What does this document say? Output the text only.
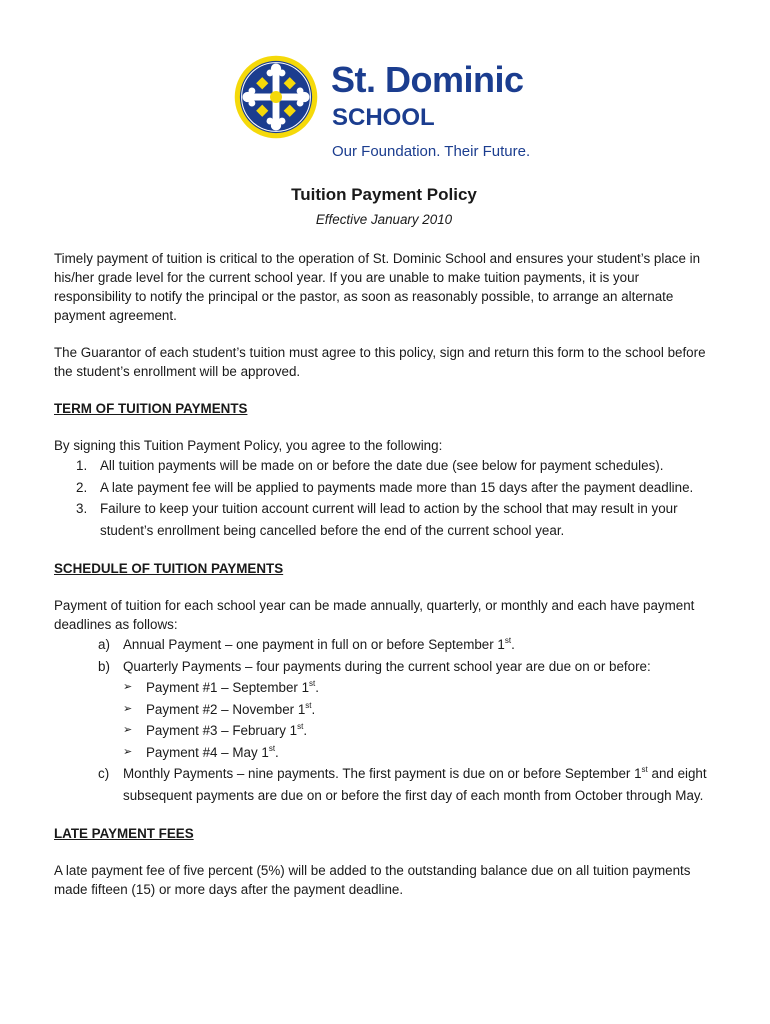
St. Dominic
SCHOOL
Our Foundation. Their Future.
Tuition Payment Policy

Effective January 2010

Timely payment of tuition is critical to the operation of St. Dominic School and ensures your student’s place in his/her grade level for the current school year. If you are unable to make tuition payments, it is your responsibility to notify the principal or the pastor, as soon as reasonably possible, to arrange an alternate payment agreement.

The Guarantor of each student’s tuition must agree to this policy, sign and return this form to the school before the student’s enrollment will be approved.

TERM OF TUITION PAYMENTS

By signing this Tuition Payment Policy, you agree to the following:

1. All tuition payments will be made on or before the date due (see below for payment schedules).
2. A late payment fee will be applied to payments made more than 15 days after the payment deadline.
3. Failure to keep your tuition account current will lead to action by the school that may result in your student’s enrollment being cancelled before the end of the current school year.

SCHEDULE OF TUITION PAYMENTS

Payment of tuition for each school year can be made annually, quarterly, or monthly and each have payment deadlines as follows:

a) Annual Payment – one payment in full on or before September 1st.
b) Quarterly Payments – four payments during the current school year are due on or before:
➢ Payment #1 – September 1st.
➢ Payment #2 – November 1st.
➢ Payment #3 – February 1st.
➢ Payment #4 – May 1st.
c) Monthly Payments – nine payments. The first payment is due on or before September 1st and eight subsequent payments are due on or before the first day of each month from October through May.

LATE PAYMENT FEES

A late payment fee of five percent (5%) will be added to the outstanding balance due on all tuition payments made fifteen (15) or more days after the payment deadline.
